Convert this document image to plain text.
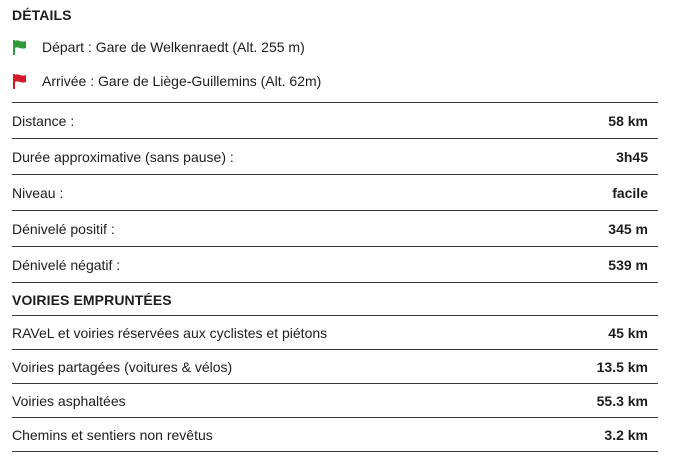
DÉTAILS
Départ : Gare de Welkenraedt (Alt. 255 m)
Arrivée : Gare de Liège-Guillemins (Alt. 62m)
Distance :	58 km
Durée approximative (sans pause) :	3h45
Niveau :	facile
Dénivelé positif :	345 m
Dénivelé négatif :	539 m
VOIRIES EMPRUNTÉES
RAVeL et voiries réservées aux cyclistes et piétons	45 km
Voiries partagées (voitures & vélos)	13.5 km
Voiries asphaltées	55.3 km
Chemins et sentiers non revêtus	3.2 km
